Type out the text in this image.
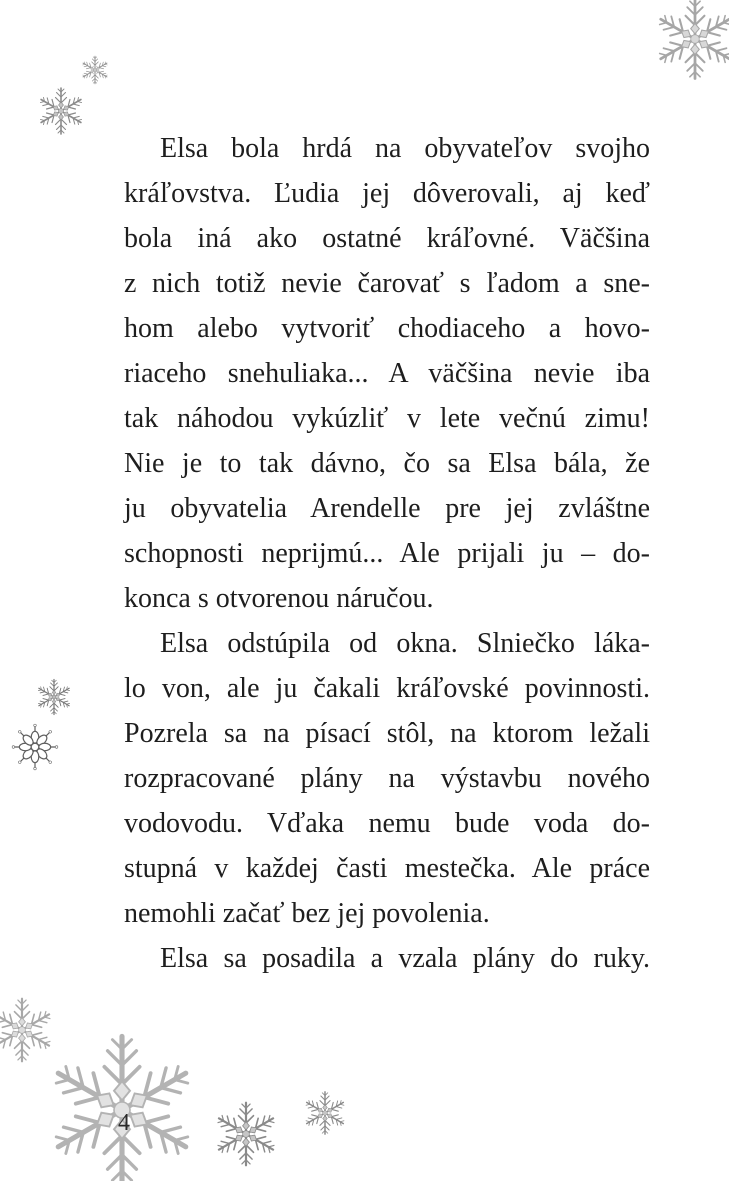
Elsa bola hrdá na obyvateľov svojho
kráľovstva. Ľudia jej dôverovali, aj keď
bola iná ako ostatné kráľovné. Väčšina
z nich totiž nevie čarovať s ľadom a sne-
hom alebo vytvoriť chodiaceho a hovo-
riaceho snehuliaka... A väčšina nevie iba
tak náhodou vykúzliť v lete večnú zimu!
Nie je to tak dávno, čo sa Elsa bála, že
ju obyvatelia Arendelle pre jej zvláštne
schopnosti neprijmú... Ale prijali ju – do-
konca s otvorenou náručou.
Elsa odstúpila od okna. Slniečko láka-
lo von, ale ju čakali kráľovské povinnosti.
Pozrela sa na písací stôl, na ktorom ležali
rozpracované plány na výstavbu nového
vodovodu. Vďaka nemu bude voda do-
stupná v každej časti mestečka. Ale práce
nemohli začať bez jej povolenia.
Elsa sa posadila a vzala plány do ruky.
4
